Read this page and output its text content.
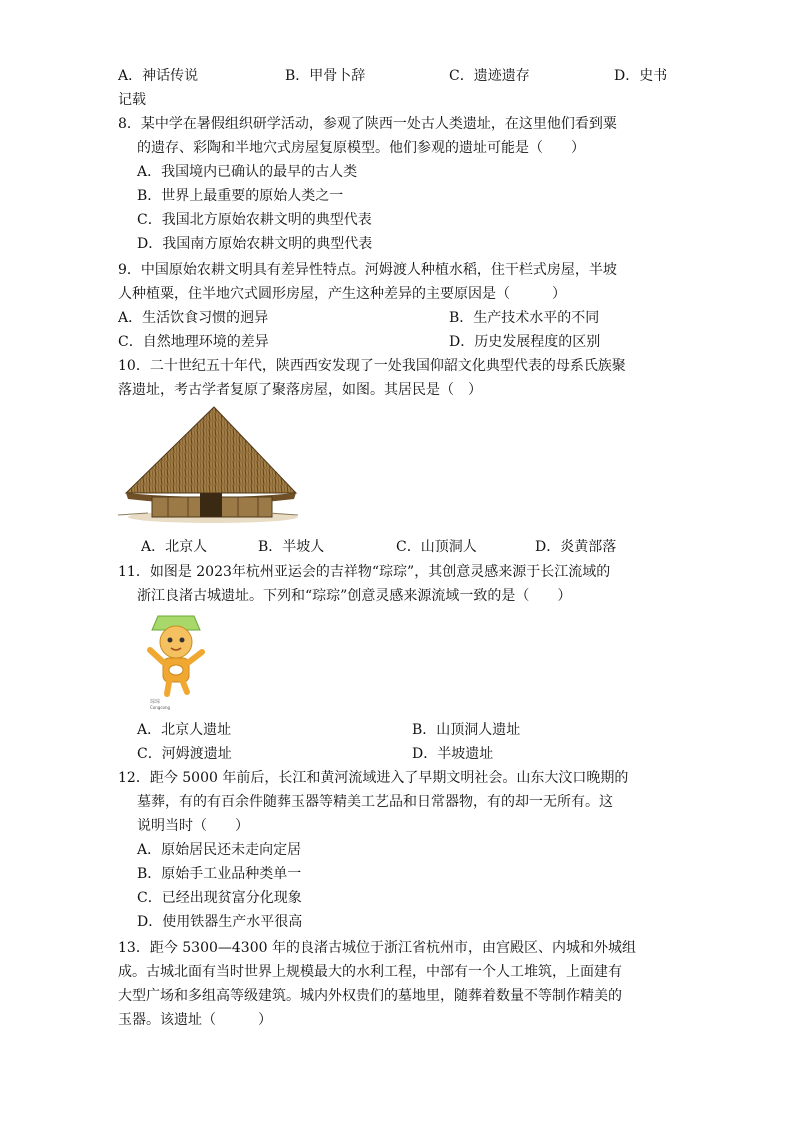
A．神话传说	B．甲骨卜辞	C．遗迹遗存	D．史书
记载
8．某中学在暑假组织研学活动，参观了陕西一处古人类遗址，在这里他们看到粟
的遗存、彩陶和半地穴式房屋复原模型。他们参观的遗址可能是（　　）
A．我国境内已确认的最早的古人类
B．世界上最重要的原始人类之一
C．我国北方原始农耕文明的典型代表
D．我国南方原始农耕文明的典型代表
9．中国原始农耕文明具有差异性特点。河姆渡人种植水稻，住干栏式房屋，半坡
人种植粟，住半地穴式圆形房屋，产生这种差异的主要原因是（　　　）
A．生活饮食习惯的迥异	B．生产技术水平的不同
C．自然地理环境的差异	D．历史发展程度的区别
10．二十世纪五十年代，陕西西安发现了一处我国仰韶文化典型代表的母系氏族聚
落遗址，考古学者复原了聚落房屋，如图。其居民是（　）
A．北京人	B．半坡人	C．山顶洞人	D．炎黄部落
11．如图是 2023年杭州亚运会的吉祥物“琮琮”，其创意灵感来源于长江流域的
浙江良渚古城遗址。下列和“琮琮”创意灵感来源流域一致的是（　　）
琮琮
Congcong
A．北京人遗址	B．山顶洞人遗址
C．河姆渡遗址	D．半坡遗址
12．距今 5000 年前后，长江和黄河流域进入了早期文明社会。山东大汶口晚期的
墓葬，有的有百余件随葬玉器等精美工艺品和日常器物，有的却一无所有。这
说明当时（　　）
A．原始居民还未走向定居
B．原始手工业品种类单一
C．已经出现贫富分化现象
D．使用铁器生产水平很高
13．距今 5300—4300 年的良渚古城位于浙江省杭州市，由宫殿区、内城和外城组
成。古城北面有当时世界上规模最大的水利工程，中部有一个人工堆筑，上面建有
大型广场和多组高等级建筑。城内外权贵们的墓地里，随葬着数量不等制作精美的
玉器。该遗址（　　　）
